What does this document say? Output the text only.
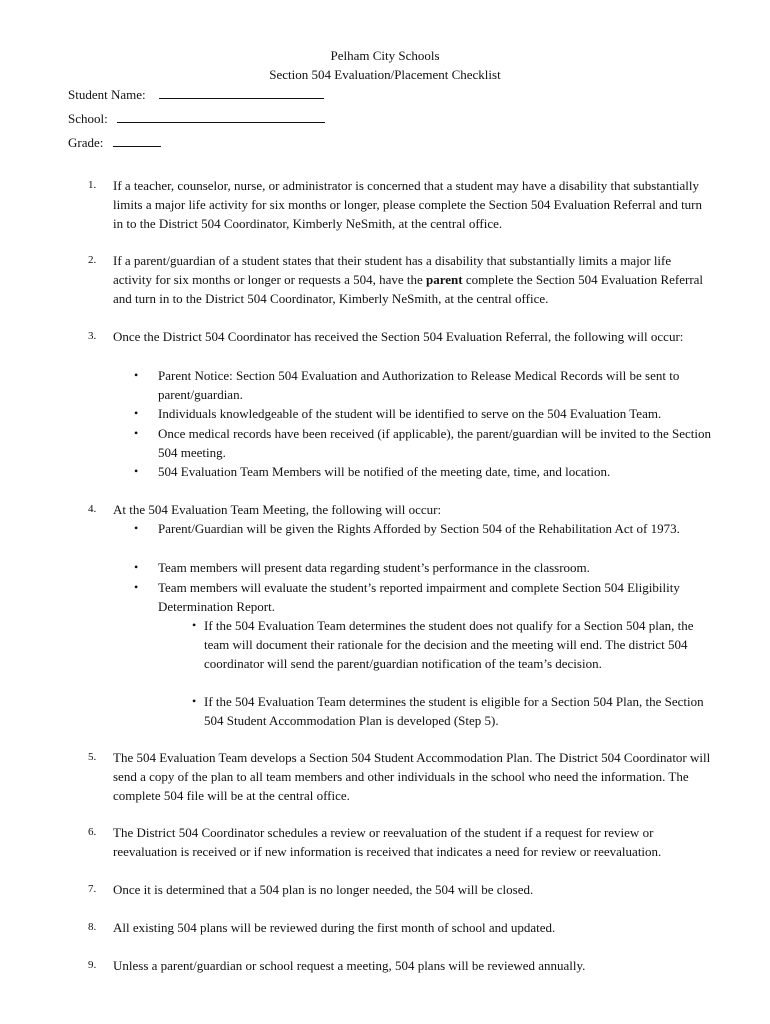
Pelham City Schools
Section 504 Evaluation/Placement Checklist
Student Name:
School:
Grade:
1.	If a teacher, counselor, nurse, or administrator is concerned that a student may have a disability that substantially limits a major life activity for six months or longer, please complete the Section 504 Evaluation Referral and turn in to the District 504 Coordinator, Kimberly NeSmith, at the central office.
2.	If a parent/guardian of a student states that their student has a disability that substantially limits a major life activity for six months or longer or requests a 504, have the parent complete the Section 504 Evaluation Referral and turn in to the District 504 Coordinator, Kimberly NeSmith, at the central office.
3.	Once the District 504 Coordinator has received the Section 504 Evaluation Referral, the following will occur:
• Parent Notice: Section 504 Evaluation and Authorization to Release Medical Records will be sent to parent/guardian.
• Individuals knowledgeable of the student will be identified to serve on the 504 Evaluation Team.
• Once medical records have been received (if applicable), the parent/guardian will be invited to the Section 504 meeting.
• 504 Evaluation Team Members will be notified of the meeting date, time, and location.
4.	At the 504 Evaluation Team Meeting, the following will occur:
• Parent/Guardian will be given the Rights Afforded by Section 504 of the Rehabilitation Act of 1973.
• Team members will present data regarding student’s performance in the classroom.
• Team members will evaluate the student’s reported impairment and complete Section 504 Eligibility Determination Report.
• If the 504 Evaluation Team determines the student does not qualify for a Section 504 plan, the team will document their rationale for the decision and the meeting will end. The district 504 coordinator will send the parent/guardian notification of the team’s decision.
• If the 504 Evaluation Team determines the student is eligible for a Section 504 Plan, the Section 504 Student Accommodation Plan is developed (Step 5).
5.	The 504 Evaluation Team develops a Section 504 Student Accommodation Plan. The District 504 Coordinator will send a copy of the plan to all team members and other individuals in the school who need the information. The complete 504 file will be at the central office.
6.	The District 504 Coordinator schedules a review or reevaluation of the student if a request for review or reevaluation is received or if new information is received that indicates a need for review or reevaluation.
7.	Once it is determined that a 504 plan is no longer needed, the 504 will be closed.
8.	All existing 504 plans will be reviewed during the first month of school and updated.
9.	Unless a parent/guardian or school request a meeting, 504 plans will be reviewed annually.
